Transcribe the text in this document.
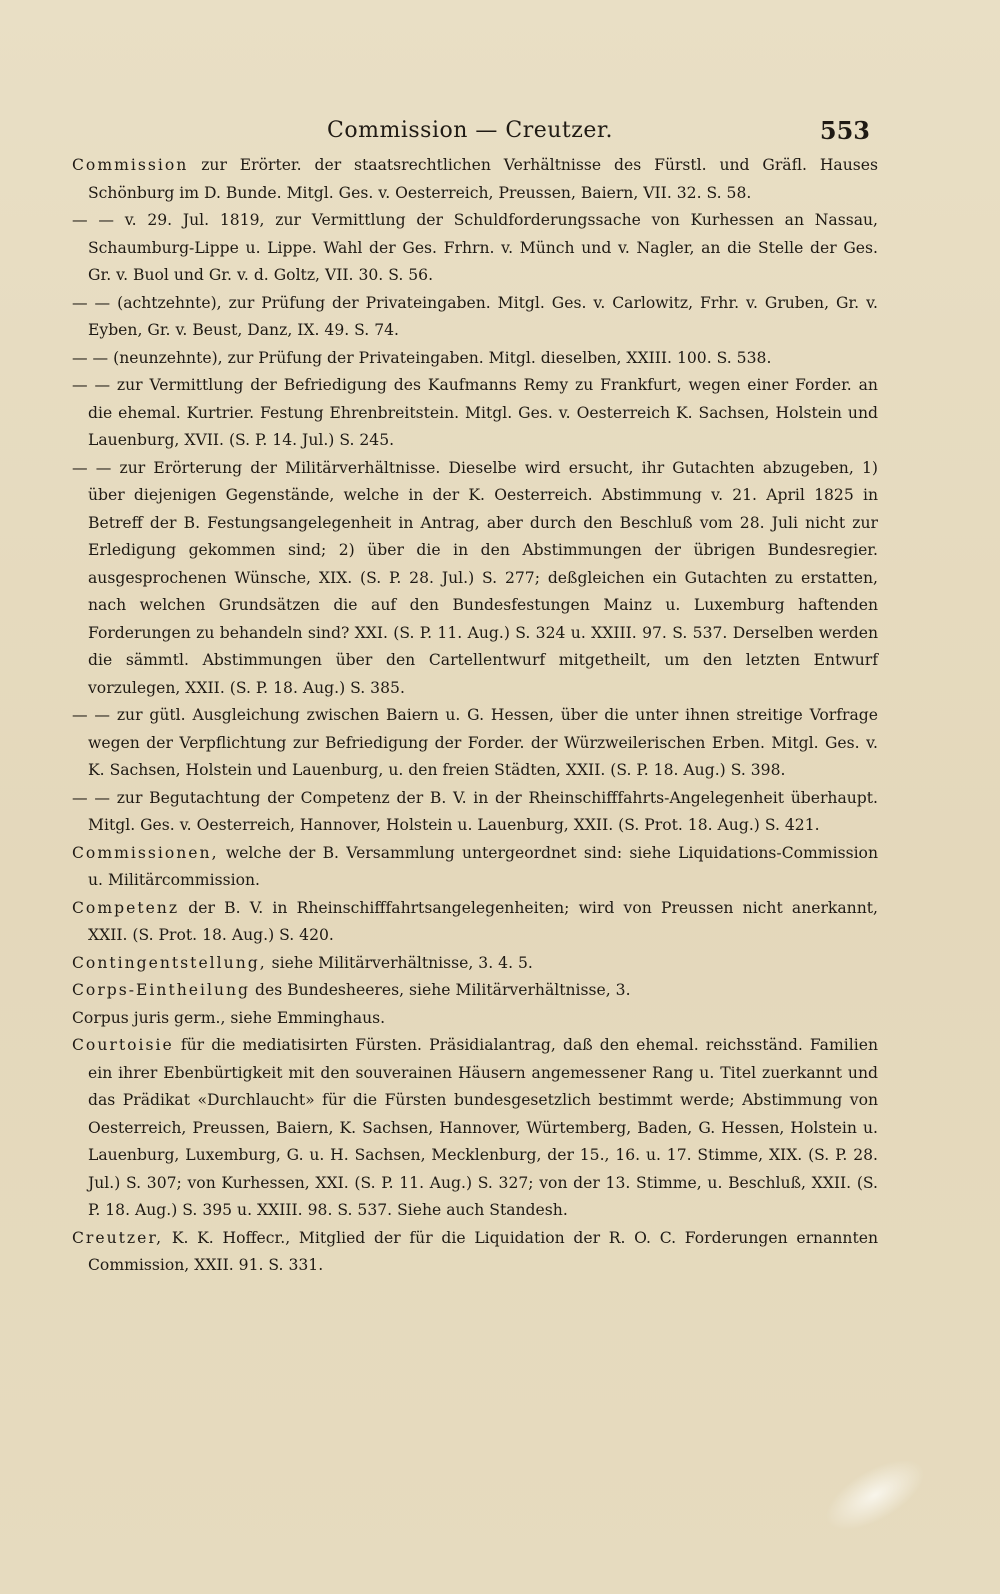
Commission — Creutzer.	553

Commission zur Erörter. der staatsrechtlichen Verhältnisse des Fürstl. und Gräfl. Hauses Schönburg im D. Bunde. Mitgl. Ges. v. Oesterreich, Preussen, Baiern, VII. 32. S. 58.

— — v. 29. Jul. 1819, zur Vermittlung der Schuldforderungssache von Kurhessen an Nassau, Schaumburg-Lippe u. Lippe. Wahl der Ges. Frhrn. v. Münch und v. Nagler, an die Stelle der Ges. Gr. v. Buol und Gr. v. d. Goltz, VII. 30. S. 56.

— — (achtzehnte), zur Prüfung der Privateingaben. Mitgl. Ges. v. Carlowitz, Frhr. v. Gruben, Gr. v. Eyben, Gr. v. Beust, Danz, IX. 49. S. 74.

— — (neunzehnte), zur Prüfung der Privateingaben. Mitgl. dieselben, XXIII. 100. S. 538.

— — zur Vermittlung der Befriedigung des Kaufmanns Remy zu Frankfurt, wegen einer Forder. an die ehemal. Kurtrier. Festung Ehrenbreitstein. Mitgl. Ges. v. Oesterreich K. Sachsen, Holstein und Lauenburg, XVII. (S. P. 14. Jul.) S. 245.

— — zur Erörterung der Militärverhältnisse. Dieselbe wird ersucht, ihr Gutachten abzugeben, 1) über diejenigen Gegenstände, welche in der K. Oesterreich. Abstimmung v. 21. April 1825 in Betreff der B. Festungsangelegenheit in Antrag, aber durch den Beschluß vom 28. Juli nicht zur Erledigung gekommen sind; 2) über die in den Abstimmungen der übrigen Bundesregier. ausgesprochenen Wünsche, XIX. (S. P. 28. Jul.) S. 277; deßgleichen ein Gutachten zu erstatten, nach welchen Grundsätzen die auf den Bundesfestungen Mainz u. Luxemburg haftenden Forderungen zu behandeln sind? XXI. (S. P. 11. Aug.) S. 324 u. XXIII. 97. S. 537. Derselben werden die sämmtl. Abstimmungen über den Cartellentwurf mitgetheilt, um den letzten Entwurf vorzulegen, XXII. (S. P. 18. Aug.) S. 385.

— — zur gütl. Ausgleichung zwischen Baiern u. G. Hessen, über die unter ihnen streitige Vorfrage wegen der Verpflichtung zur Befriedigung der Forder. der Würzweilerischen Erben. Mitgl. Ges. v. K. Sachsen, Holstein und Lauenburg, u. den freien Städten, XXII. (S. P. 18. Aug.) S. 398.

— — zur Begutachtung der Competenz der B. V. in der Rheinschifffahrts-Angelegenheit überhaupt. Mitgl. Ges. v. Oesterreich, Hannover, Holstein u. Lauenburg, XXII. (S. Prot. 18. Aug.) S. 421.

Commissionen, welche der B. Versammlung untergeordnet sind: siehe Liquidations-Commission u. Militärcommission.

Competenz der B. V. in Rheinschifffahrtsangelegenheiten; wird von Preussen nicht anerkannt, XXII. (S. Prot. 18. Aug.) S. 420.

Contingentstellung, siehe Militärverhältnisse, 3. 4. 5.

Corps-Eintheilung des Bundesheeres, siehe Militärverhältnisse, 3.

Corpus juris germ., siehe Emminghaus.

Courtoisie für die mediatisirten Fürsten. Präsidialantrag, daß den ehemal. reichsständ. Familien ein ihrer Ebenbürtigkeit mit den souverainen Häusern angemessener Rang u. Titel zuerkannt und das Prädikat «Durchlaucht» für die Fürsten bundesgesetzlich bestimmt werde; Abstimmung von Oesterreich, Preussen, Baiern, K. Sachsen, Hannover, Würtemberg, Baden, G. Hessen, Holstein u. Lauenburg, Luxemburg, G. u. H. Sachsen, Mecklenburg, der 15., 16. u. 17. Stimme, XIX. (S. P. 28. Jul.) S. 307; von Kurhessen, XXI. (S. P. 11. Aug.) S. 327; von der 13. Stimme, u. Beschluß, XXII. (S. P. 18. Aug.) S. 395 u. XXIII. 98. S. 537. Siehe auch Standesh.

Creutzer, K. K. Hoffecr., Mitglied der für die Liquidation der R. O. C. Forderungen ernannten Commission, XXII. 91. S. 331.
